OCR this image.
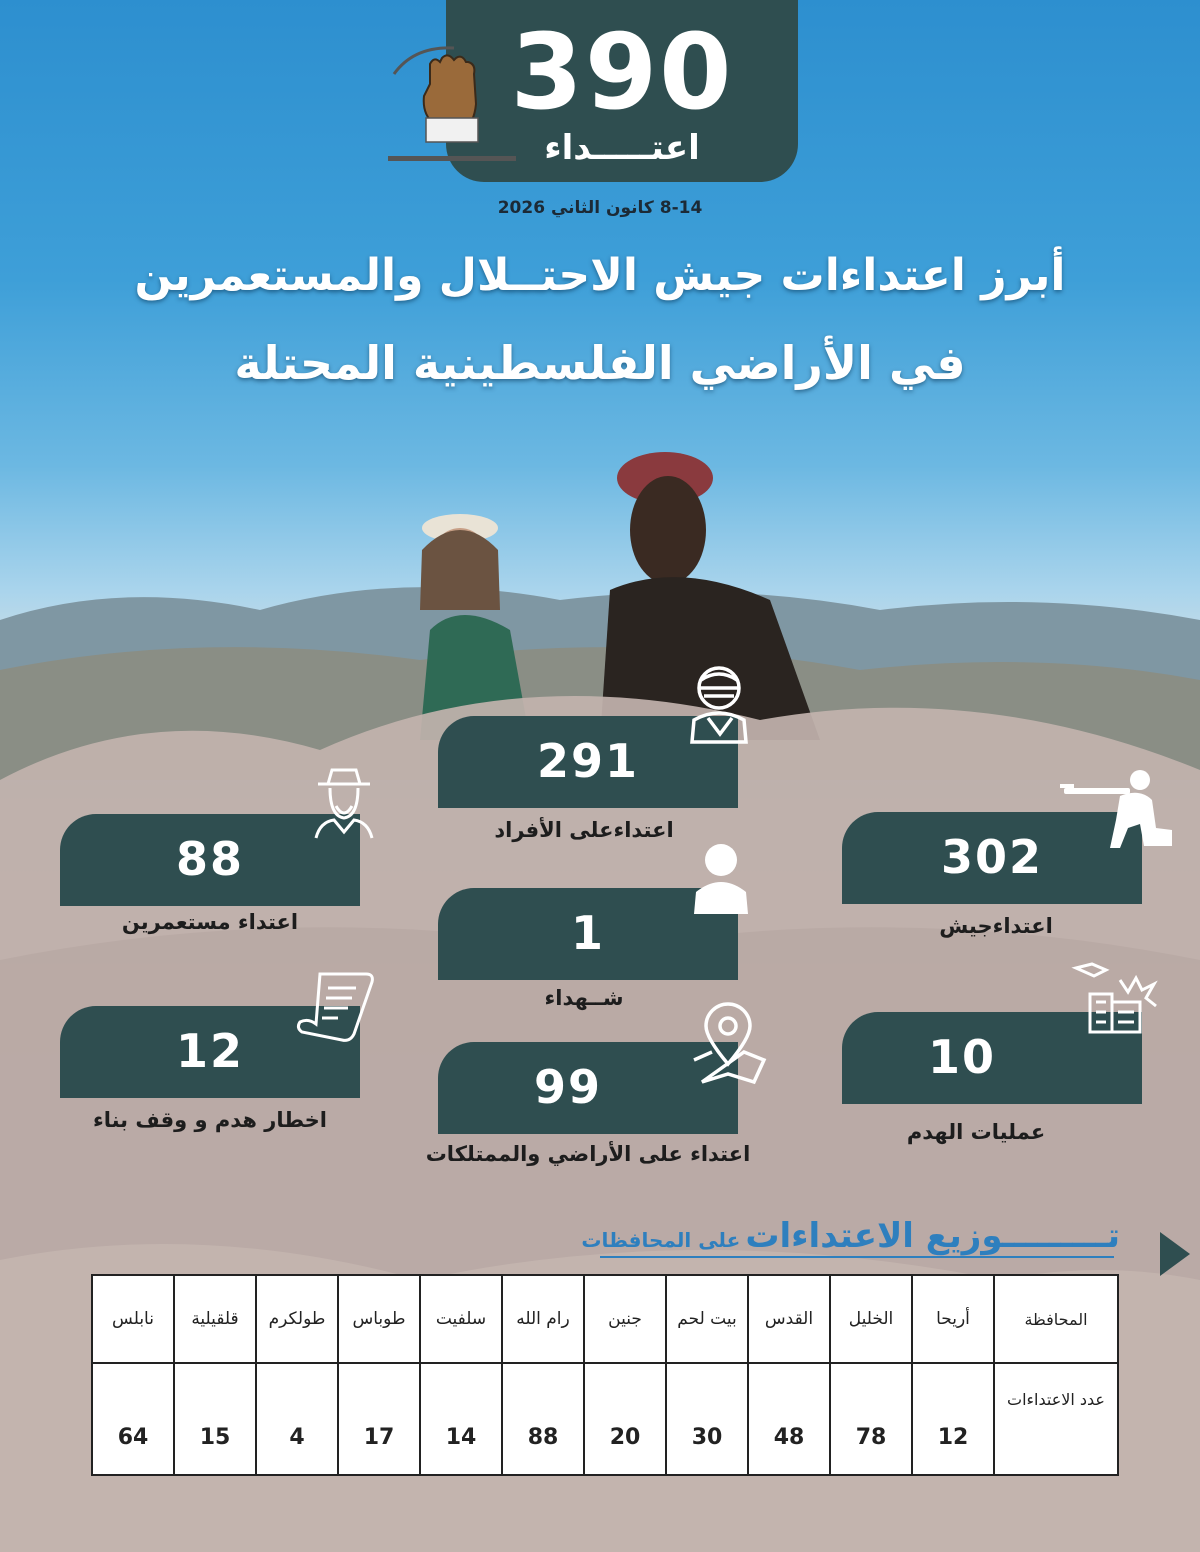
390
اعتـــــداء
8-14 كانون الثاني 2026
أبرز اعتداءات جيش الاحتــلال والمستعمرين
في الأراضي الفلسطينية المحتلة
291
اعتداءعلى الأفراد
88
اعتداء مستعمرين
302
اعتداءجيش
1
شــهداء
12
اخطار هدم و وقف بناء
99
اعتداء على الأراضي والممتلكات
10
عمليات الهدم
تـــــــــوزيع الاعتداءات على المحافظات
المحافظة	أريحا	الخليل	القدس	بيت لحم	جنين	رام الله	سلفيت	طوباس	طولكرم	قلقيلية	نابلس
عدد الاعتداءات	12	78	48	30	20	88	14	17	4	15	64
